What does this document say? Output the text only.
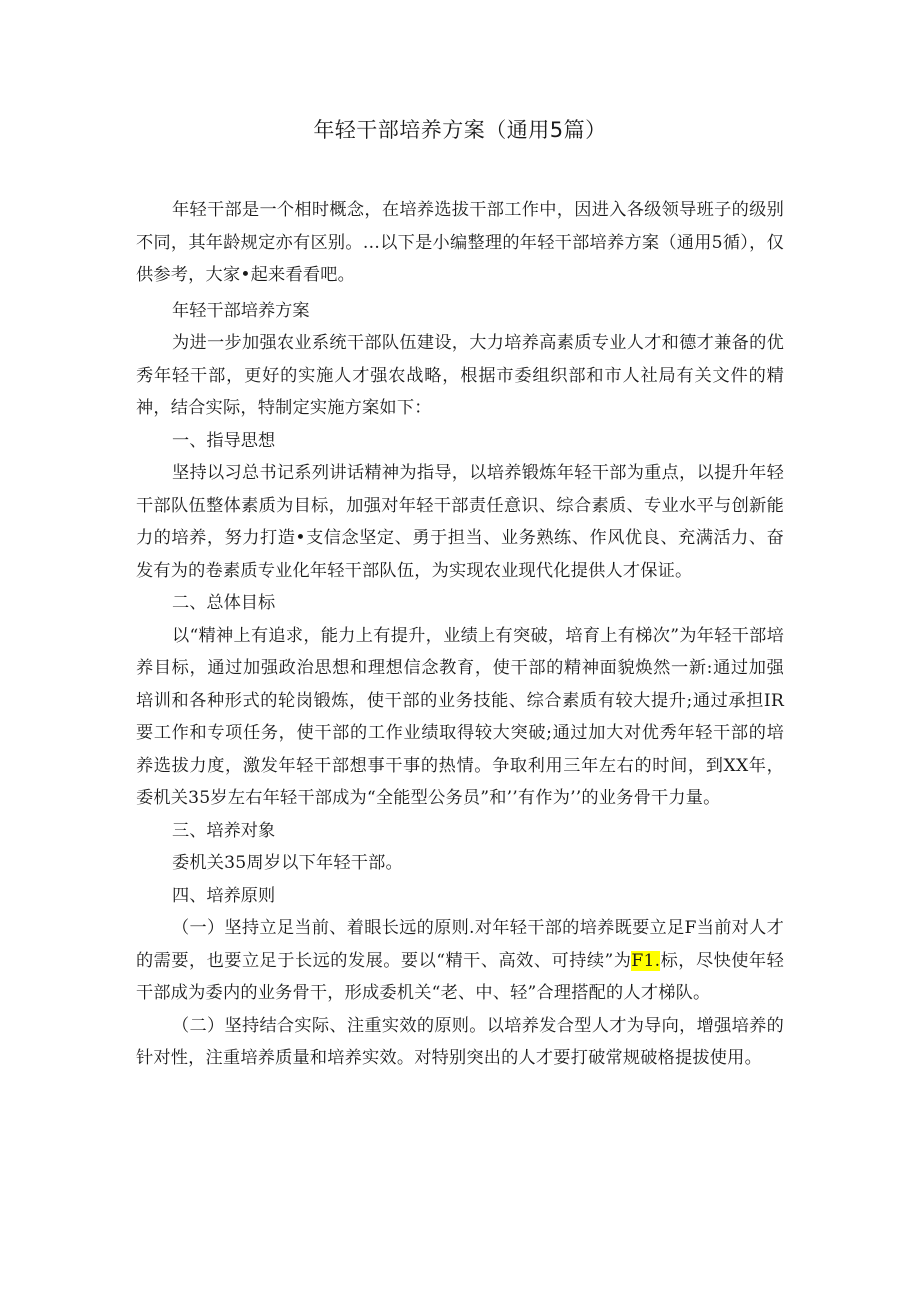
年轻干部培养方案（通用5篇）

年轻干部是一个相时概念，在培养选拔干部工作中，因进入各级领导班子的级别不同，其年龄规定亦有区别。…以下是小编整理的年轻干部培养方案（通用5循），仅供参考，大家•起来看看吧。

年轻干部培养方案

为进一步加强农业系统干部队伍建设，大力培养高素质专业人才和德才兼备的优秀年轻干部，更好的实施人才强农战略，根据市委组织部和市人社局有关文件的精神，结合实际，特制定实施方案如下：

一、指导思想

坚持以习总书记系列讲话精神为指导，以培养锻炼年轻干部为重点，以提升年轻干部队伍整体素质为目标，加强对年轻干部责任意识、综合素质、专业水平与创新能力的培养，努力打造•支信念坚定、勇于担当、业务熟练、作风优良、充满活力、奋发有为的卷素质专业化年轻干部队伍，为实现农业现代化提供人才保证。

二、总体目标

以“精神上有追求，能力上有提升，业绩上有突破，培育上有梯次”为年轻干部培养目标，通过加强政治思想和理想信念教育，使干部的精神面貌焕然一新:通过加强培训和各种形式的轮岗锻炼，使干部的业务技能、综合素质有较大提升;通过承担IR要工作和专项任务，使干部的工作业绩取得较大突破;通过加大对优秀年轻干部的培养选拔力度，激发年轻干部想事干事的热情。争取利用三年左右的时间，到XX年，委机关35岁左右年轻干部成为“全能型公务员”和’’有作为’’的业务骨干力量。

三、培养对象

委机关35周岁以下年轻干部。

四、培养原则

（一）坚持立足当前、着眼长远的原则.对年轻干部的培养既要立足F当前对人才的需要，也要立足于长远的发展。要以“精干、高效、可持续”为F1.标，尽快使年轻干部成为委内的业务骨干，形成委机关“老、中、轻”合理搭配的人才梯队。

（二）坚持结合实际、注重实效的原则。以培养发合型人才为导向，增强培养的针对性，注重培养质量和培养实效。对特别突出的人才要打破常规破格提拔使用。
